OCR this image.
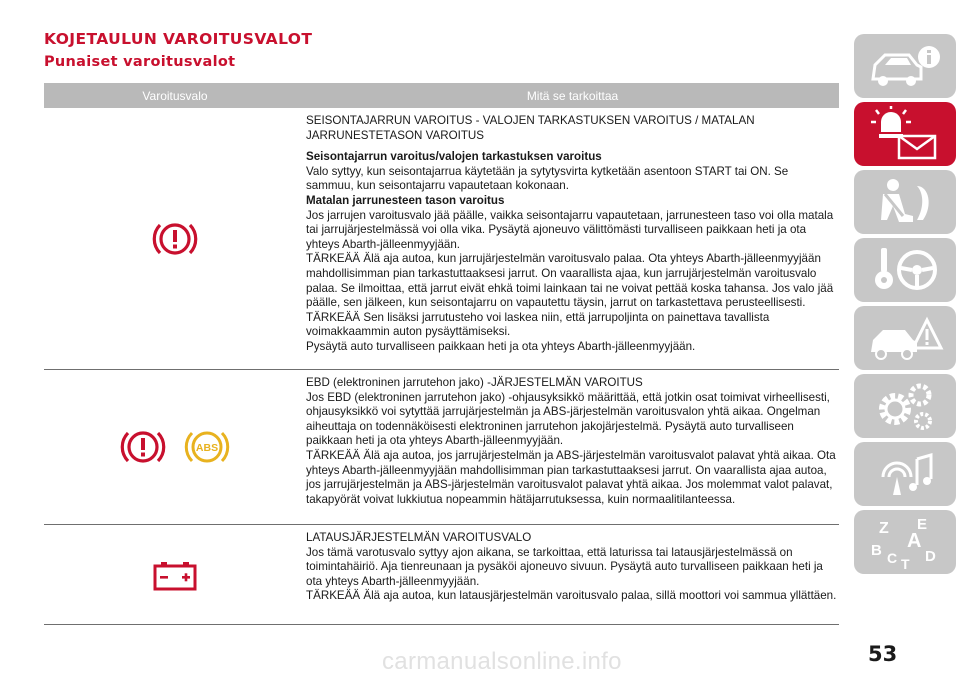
KOJETAULUN VAROITUSVALOT
Punaiset varoitusvalot
Varoitusvalo	Mitä se tarkoittaa

SEISONTAJARRUN VAROITUS - VALOJEN TARKASTUKSEN VAROITUS / MATALAN JARRUNESTETASON VAROITUS

Seisontajarrun varoitus/valojen tarkastuksen varoitus

Valo syttyy, kun seisontajarrua käytetään ja sytytysvirta kytketään asentoon START tai ON. Se sammuu, kun seisontajarru vapautetaan kokonaan.

Matalan jarrunesteen tason varoitus

Jos jarrujen varoitusvalo jää päälle, vaikka seisontajarru vapautetaan, jarrunesteen taso voi olla matala tai jarrujärjestelmässä voi olla vika. Pysäytä ajoneuvo välittömästi turvalliseen paikkaan heti ja ota yhteys Abarth-jälleenmyyjään.

TÄRKEÄÄ Älä aja autoa, kun jarrujärjestelmän varoitusvalo palaa. Ota yhteys Abarth-jälleenmyyjään mahdollisimman pian tarkastuttaaksesi jarrut. On vaarallista ajaa, kun jarrujärjestelmän varoitusvalo palaa. Se ilmoittaa, että jarrut eivät ehkä toimi lainkaan tai ne voivat pettää koska tahansa. Jos valo jää päälle, sen jälkeen, kun seisontajarru on vapautettu täysin, jarrut on tarkastettava perusteellisesti.

TÄRKEÄÄ Sen lisäksi jarrutusteho voi laskea niin, että jarrupoljinta on painettava tavallista voimakkaammin auton pysäyttämiseksi.

Pysäytä auto turvalliseen paikkaan heti ja ota yhteys Abarth-jälleenmyyjään.

ABS

EBD (elektroninen jarrutehon jako) -JÄRJESTELMÄN VAROITUS

Jos EBD (elektroninen jarrutehon jako) -ohjausyksikkö määrittää, että jotkin osat toimivat virheellisesti, ohjausyksikkö voi sytyttää jarrujärjestelmän ja ABS-järjestelmän varoitusvalon yhtä aikaa. Ongelman aiheuttaja on todennäköisesti elektroninen jarrutehon jakojärjestelmä. Pysäytä auto turvalliseen paikkaan heti ja ota yhteys Abarth-jälleenmyyjään.

TÄRKEÄÄ Älä aja autoa, jos jarrujärjestelmän ja ABS-järjestelmän varoitusvalot palavat yhtä aikaa. Ota yhteys Abarth-jälleenmyyjään mahdollisimman pian tarkastuttaaksesi jarrut. On vaarallista ajaa autoa, jos jarrujärjestelmän ja ABS-järjestelmän varoitusvalot palavat yhtä aikaa. Jos molemmat valot palavat, takapyörät voivat lukkiutua nopeammin hätäjarrutuksessa, kuin normaalitilanteessa.

LATAUSJÄRJESTELMÄN VAROITUSVALO

Jos tämä varotusvalo syttyy ajon aikana, se tarkoittaa, että laturissa tai latausjärjestelmässä on toimintahäiriö. Aja tienreunaan ja pysäköi ajoneuvo sivuun. Pysäytä auto turvalliseen paikkaan heti ja ota yhteys Abarth-jälleenmyyjään.

TÄRKEÄÄ Älä aja autoa, kun latausjärjestelmän varoitusvalo palaa, sillä moottori voi sammua yllättäen.

Z E
B A
C D
T
53
carmanualsonline.info
